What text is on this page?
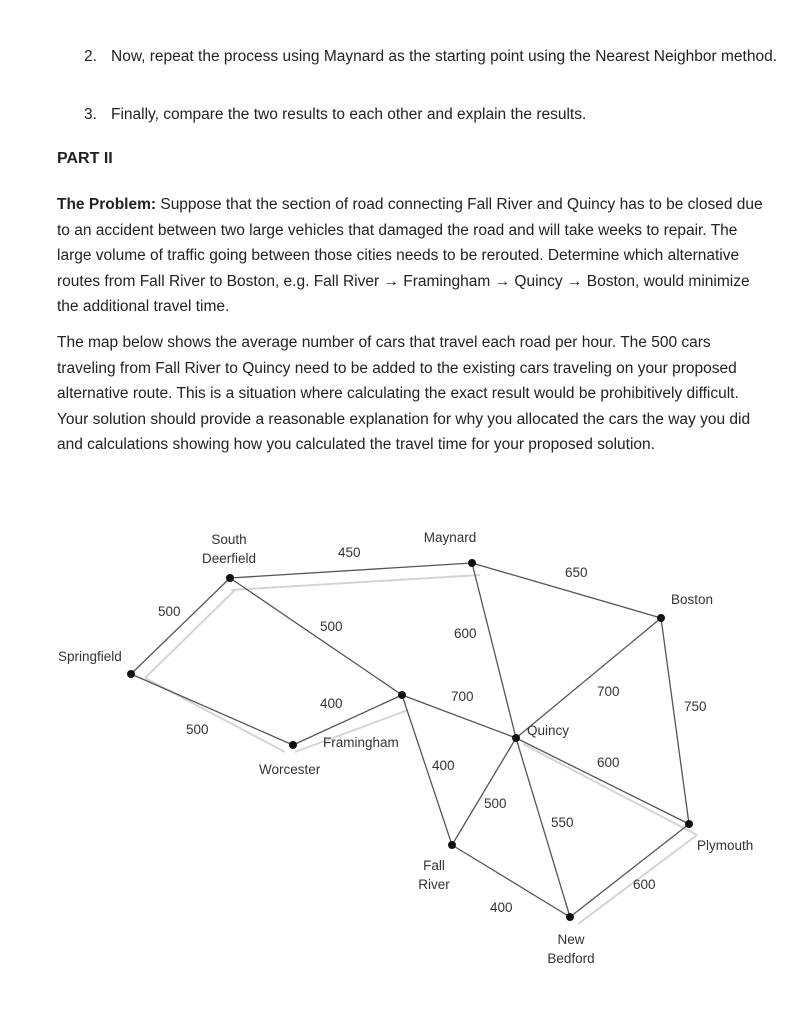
2. Now, repeat the process using Maynard as the starting point using the Nearest Neighbor method.
3. Finally, compare the two results to each other and explain the results.
PART II
The Problem: Suppose that the section of road connecting Fall River and Quincy has to be closed due to an accident between two large vehicles that damaged the road and will take weeks to repair. The large volume of traffic going between those cities needs to be rerouted. Determine which alternative routes from Fall River to Boston, e.g. Fall River → Framingham → Quincy → Boston, would minimize the additional travel time.
The map below shows the average number of cars that travel each road per hour. The 500 cars traveling from Fall River to Quincy need to be added to the existing cars traveling on your proposed alternative route. This is a situation where calculating the exact result would be prohibitively difficult. Your solution should provide a reasonable explanation for why you allocated the cars the way you did and calculations showing how you calculated the travel time for your proposed solution.
South
Deerfield
Maynard
Boston
Springfield
Framingham
Worcester
Quincy
Fall
River
Plymouth
New
Bedford
450
650
500
500	600
500
400	700	700
750
400
500
600
550
400
600
